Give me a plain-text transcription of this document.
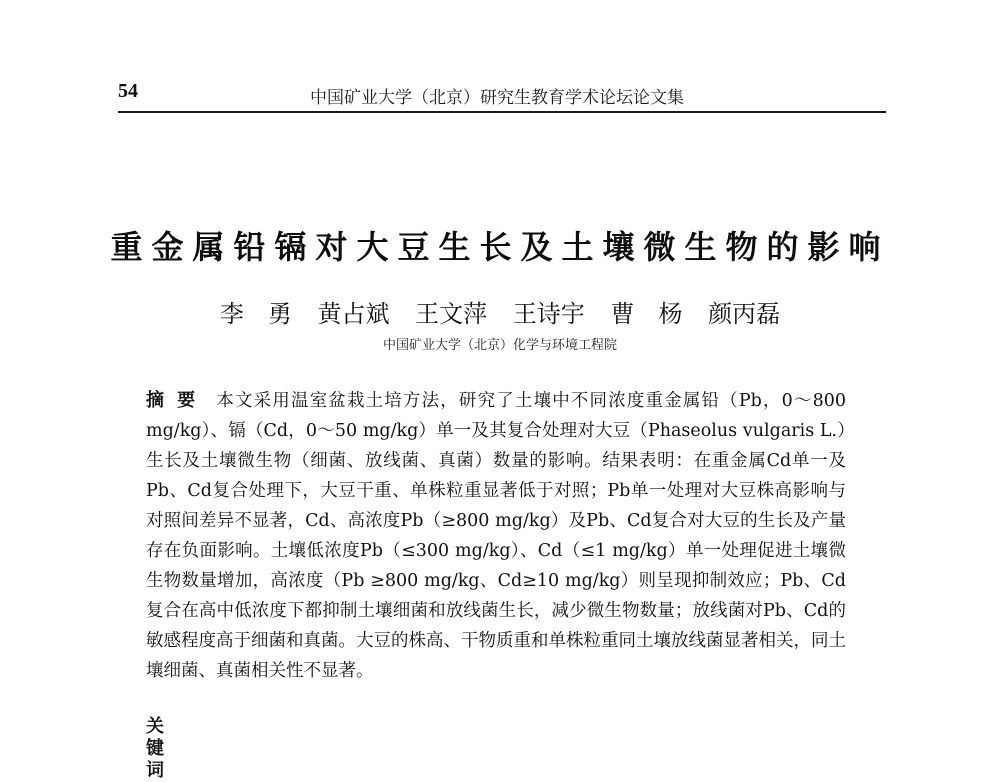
54	中国矿业大学（北京）研究生教育学术论坛论文集
重金属铅镉对大豆生长及土壤微生物的影响
李　勇 黄占斌 王文萍 王诗宇 曹　杨 颜丙磊
中国矿业大学（北京）化学与环境工程院
摘要 本文采用温室盆栽土培方法，研究了土壤中不同浓度重金属铅（Pb，0～800 mg/kg）、镉（Cd，0～50 mg/kg）单一及其复合处理对大豆（Phaseolus vulgaris L.）生长及土壤微生物（细菌、放线菌、真菌）数量的影响。结果表明：在重金属Cd单一及Pb、Cd复合处理下，大豆干重、单株粒重显著低于对照；Pb单一处理对大豆株高影响与对照间差异不显著，Cd、高浓度Pb（≥800 mg/kg）及Pb、Cd复合对大豆的生长及产量存在负面影响。土壤低浓度Pb（≤300 mg/kg）、Cd（≤1 mg/kg）单一处理促进土壤微生物数量增加，高浓度（Pb ≥800 mg/kg、Cd≥10 mg/kg）则呈现抑制效应；Pb、Cd复合在高中低浓度下都抑制土壤细菌和放线菌生长，减少微生物数量；放线菌对Pb、Cd的敏感程度高于细菌和真菌。大豆的株高、干物质重和单株粒重同土壤放线菌显著相关，同土壤细菌、真菌相关性不显著。
关键词
